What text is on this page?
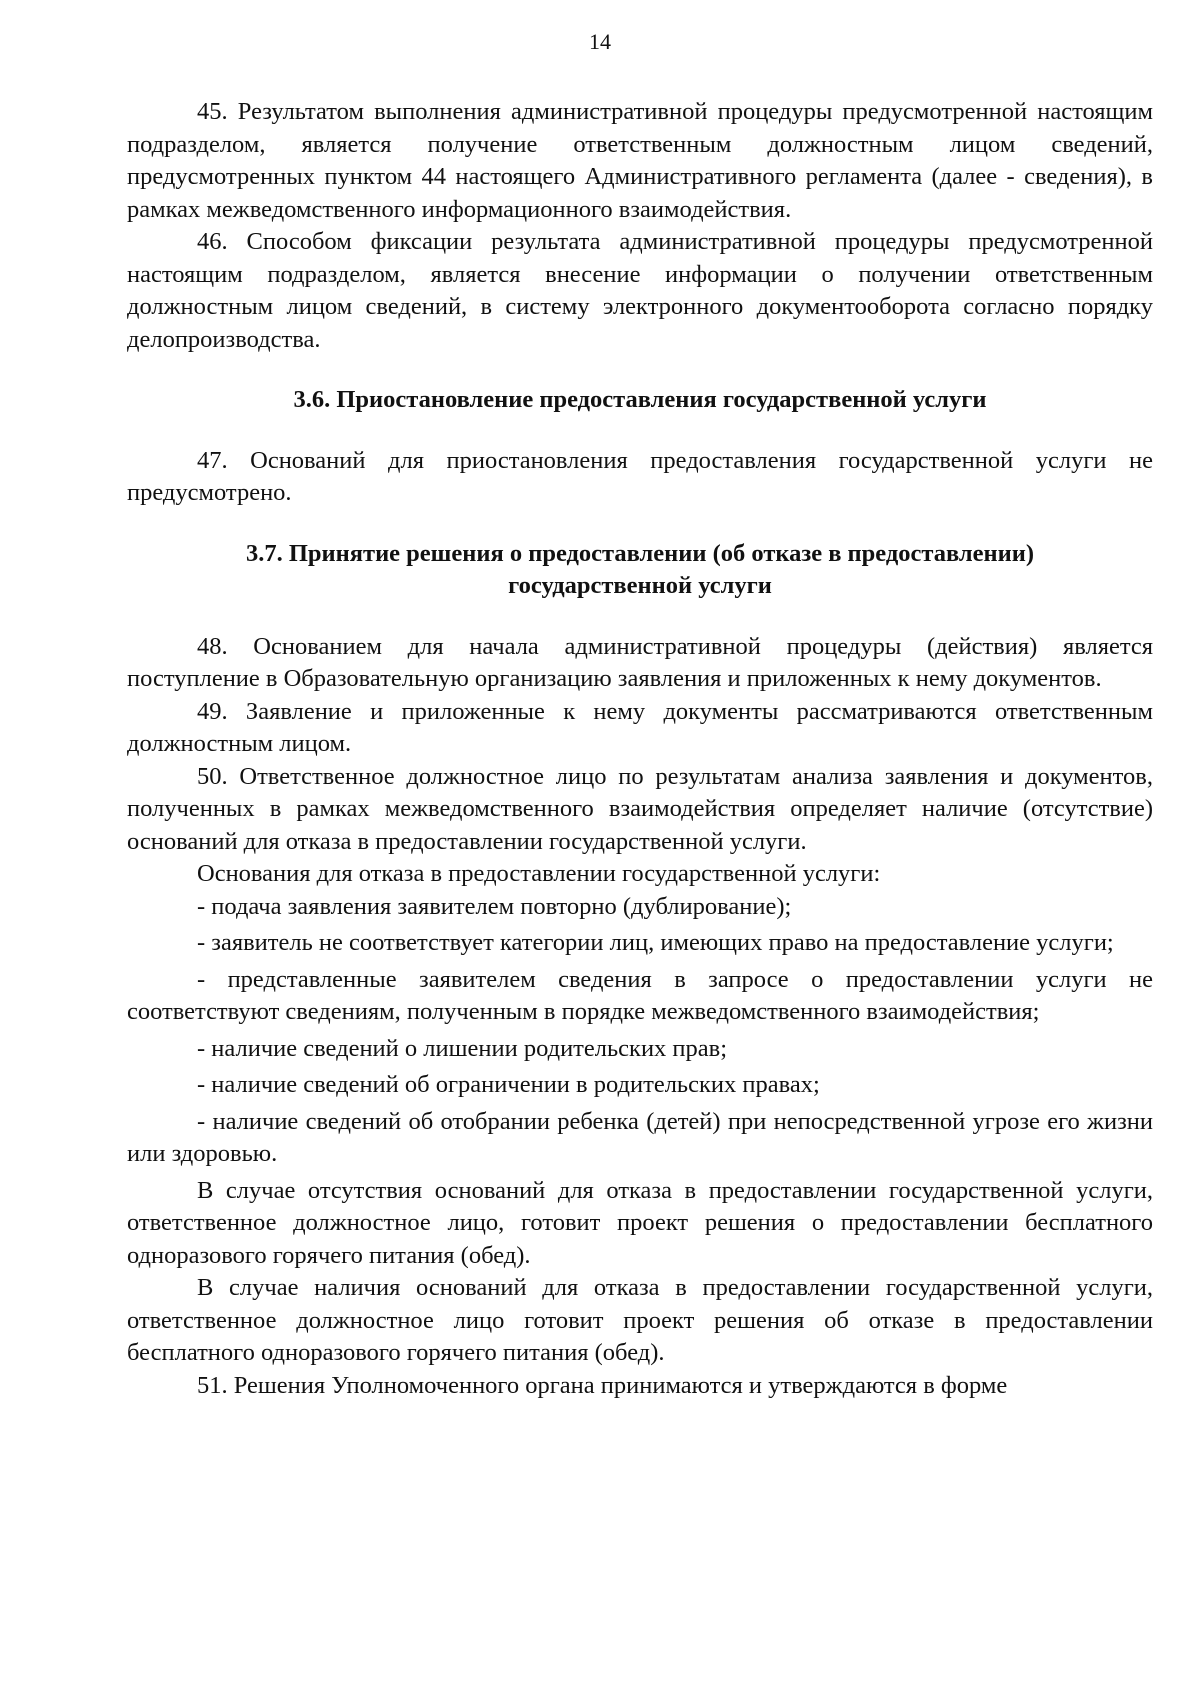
14

45. Результатом выполнения административной процедуры предусмотренной настоящим подразделом, является получение ответственным должностным лицом сведений, предусмотренных пунктом 44 настоящего Административного регламента (далее - сведения), в рамках межведомственного информационного взаимодействия.

46. Способом фиксации результата административной процедуры предусмотренной настоящим подразделом, является внесение информации о получении ответственным должностным лицом сведений, в систему электронного документооборота согласно порядку делопроизводства.

3.6. Приостановление предоставления государственной услуги

47. Оснований для приостановления предоставления государственной услуги не предусмотрено.

3.7. Принятие решения о предоставлении (об отказе в предоставлении)
государственной услуги

48. Основанием для начала административной процедуры (действия) является поступление в Образовательную организацию заявления и приложенных к нему документов.

49. Заявление и приложенные к нему документы рассматриваются ответственным должностным лицом.

50. Ответственное должностное лицо по результатам анализа заявления и документов, полученных в рамках межведомственного взаимодействия определяет наличие (отсутствие) оснований для отказа в предоставлении государственной услуги.

Основания для отказа в предоставлении государственной услуги:

- подача заявления заявителем повторно (дублирование);

- заявитель не соответствует категории лиц, имеющих право на предоставление услуги;

- представленные заявителем сведения в запросе о предоставлении услуги не соответствуют сведениям, полученным в порядке межведомственного взаимодействия;

- наличие сведений о лишении родительских прав;

- наличие сведений об ограничении в родительских правах;

- наличие сведений об отобрании ребенка (детей) при непосредственной угрозе его жизни или здоровью.

В случае отсутствия оснований для отказа в предоставлении государственной услуги, ответственное должностное лицо, готовит проект решения о предоставлении бесплатного одноразового горячего питания (обед).

В случае наличия оснований для отказа в предоставлении государственной услуги, ответственное должностное лицо готовит проект решения об отказе в предоставлении бесплатного одноразового горячего питания (обед).

51. Решения Уполномоченного органа принимаются и утверждаются в форме
